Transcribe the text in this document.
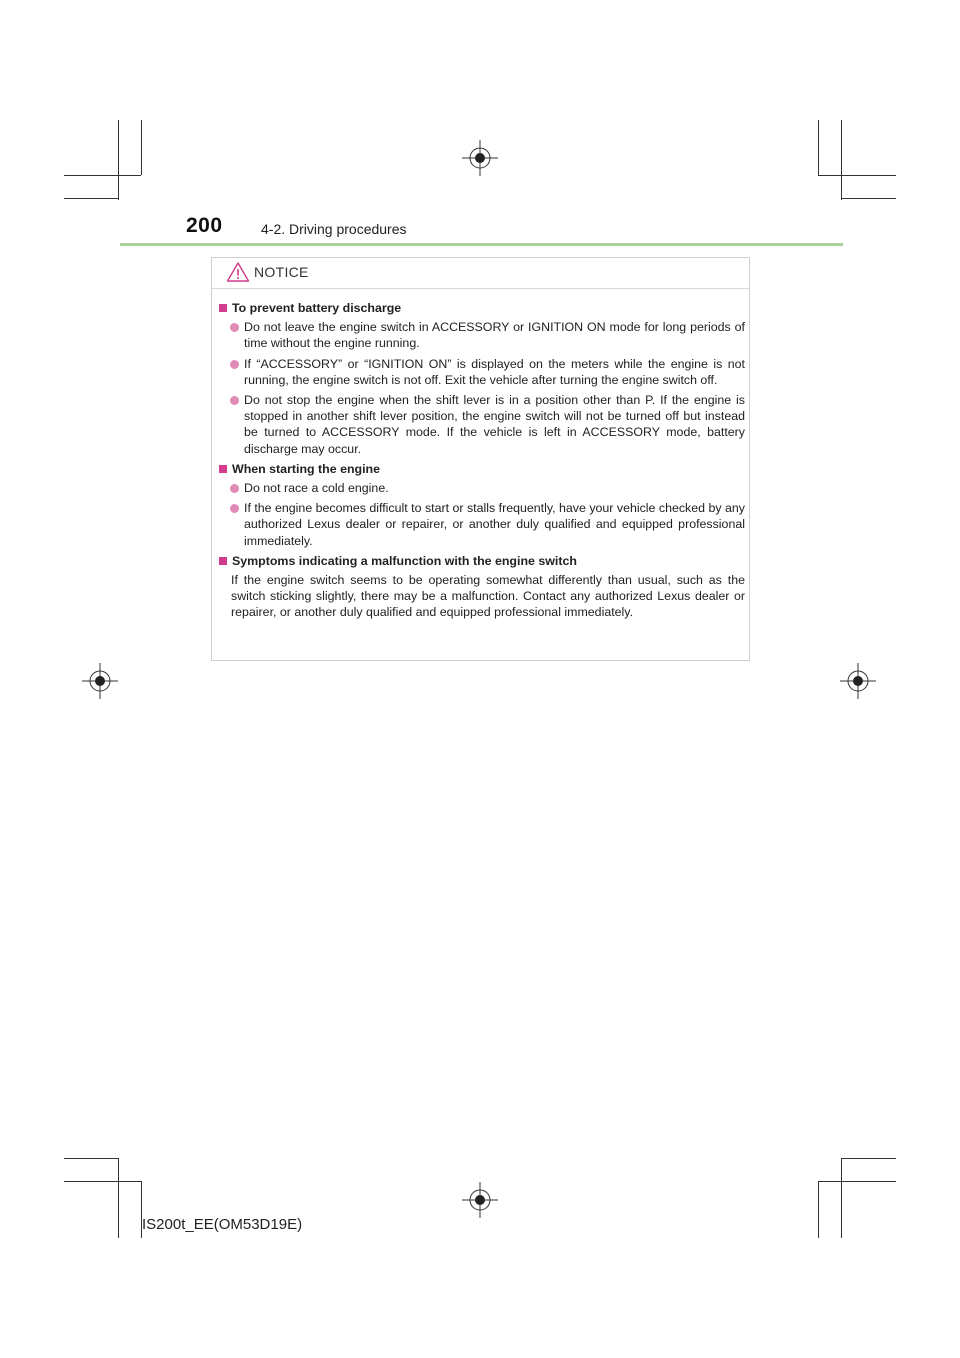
200	4-2. Driving procedures
NOTICE
To prevent battery discharge
Do not leave the engine switch in ACCESSORY or IGNITION ON mode for long periods of time without the engine running.
If “ACCESSORY” or “IGNITION ON” is displayed on the meters while the engine is not running, the engine switch is not off. Exit the vehicle after turning the engine switch off.
Do not stop the engine when the shift lever is in a position other than P. If the engine is stopped in another shift lever position, the engine switch will not be turned off but instead be turned to ACCESSORY mode. If the vehicle is left in ACCESSORY mode, battery discharge may occur.
When starting the engine
Do not race a cold engine.
If the engine becomes difficult to start or stalls frequently, have your vehicle checked by any authorized Lexus dealer or repairer, or another duly qualified and equipped professional immediately.
Symptoms indicating a malfunction with the engine switch
If the engine switch seems to be operating somewhat differently than usual, such as the switch sticking slightly, there may be a malfunction. Contact any authorized Lexus dealer or repairer, or another duly qualified and equipped professional immediately.
IS200t_EE(OM53D19E)
